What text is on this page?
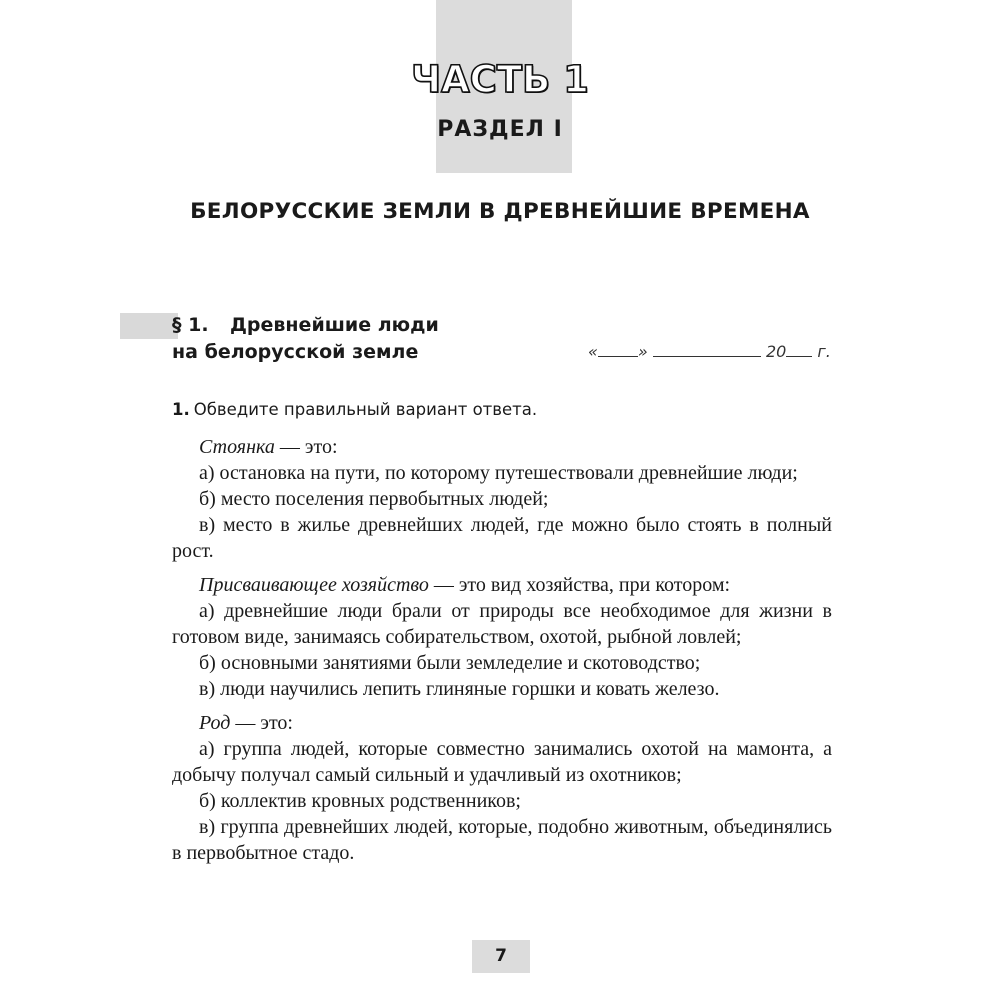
ЧАСТЬ 1
РАЗДЕЛ I
БЕЛОРУССКИЕ ЗЕМЛИ В ДРЕВНЕЙШИЕ ВРЕМЕНА
§ 1. Древнейшие люди
на белорусской земле	«	»	20 г.
1. Обведите правильный вариант ответа.
Стоянка — это:
а) остановка на пути, по которому путешествовали древнейшие люди;
б) место поселения первобытных людей;
в) место в жилье древнейших людей, где можно было стоять в полный рост.
Присваивающее хозяйство — это вид хозяйства, при котором:
а) древнейшие люди брали от природы все необходимое для жизни в готовом виде, занимаясь собирательством, охотой, рыбной ловлей;
б) основными занятиями были земледелие и скотоводство;
в) люди научились лепить глиняные горшки и ковать железо.
Род — это:
а) группа людей, которые совместно занимались охотой на мамонта, а добычу получал самый сильный и удачливый из охотников;
б) коллектив кровных родственников;
в) группа древнейших людей, которые, подобно животным, объединялись в первобытное стадо.
7
